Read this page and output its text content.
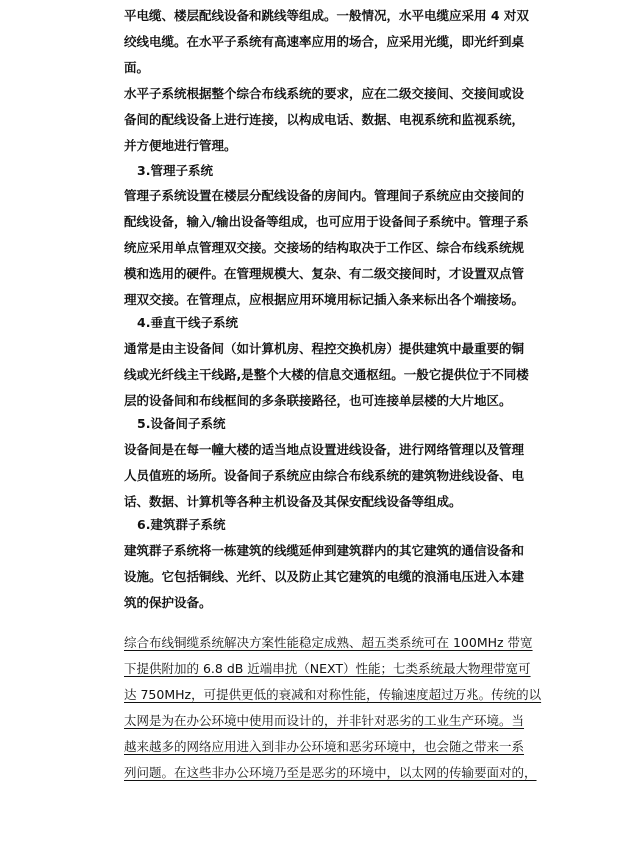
平电缆、楼层配线设备和跳线等组成。一般情况，水平电缆应采用 4 对双
绞线电缆。在水平子系统有高速率应用的场合，应采用光缆，即光纤到桌
面。
水平子系统根据整个综合布线系统的要求，应在二级交接间、交接间或设
备间的配线设备上进行连接，以构成电话、数据、电视系统和监视系统，
并方便地进行管理。
3.管理子系统
管理子系统设置在楼层分配线设备的房间内。管理间子系统应由交接间的
配线设备，输入/输出设备等组成，也可应用于设备间子系统中。管理子系
统应采用单点管理双交接。交接场的结构取决于工作区、综合布线系统规
模和选用的硬件。在管理规模大、复杂、有二级交接间时，才设置双点管
理双交接。在管理点，应根据应用环境用标记插入条来标出各个端接场。
4.垂直干线子系统
通常是由主设备间（如计算机房、程控交换机房）提供建筑中最重要的铜
线或光纤线主干线路,是整个大楼的信息交通枢纽。一般它提供位于不同楼
层的设备间和布线框间的多条联接路径，也可连接单层楼的大片地区。
5.设备间子系统
设备间是在每一幢大楼的适当地点设置进线设备，进行网络管理以及管理
人员值班的场所。设备间子系统应由综合布线系统的建筑物进线设备、电
话、数据、计算机等各种主机设备及其保安配线设备等组成。
6.建筑群子系统
建筑群子系统将一栋建筑的线缆延伸到建筑群内的其它建筑的通信设备和
设施。它包括铜线、光纤、以及防止其它建筑的电缆的浪涌电压进入本建
筑的保护设备。
综合布线铜缆系统解决方案性能稳定成熟、超五类系统可在 100MHz 带宽
下提供附加的 6.8 dB 近端串扰（NEXT）性能；七类系统最大物理带宽可
达 750MHz，可提供更低的衰减和对称性能，传输速度超过万兆。传统的以
太网是为在办公环境中使用而设计的，并非针对恶劣的工业生产环境。当
越来越多的网络应用进入到非办公环境和恶劣环境中，也会随之带来一系
列问题。在这些非办公环境乃至是恶劣的环境中，以太网的传输要面对的，
